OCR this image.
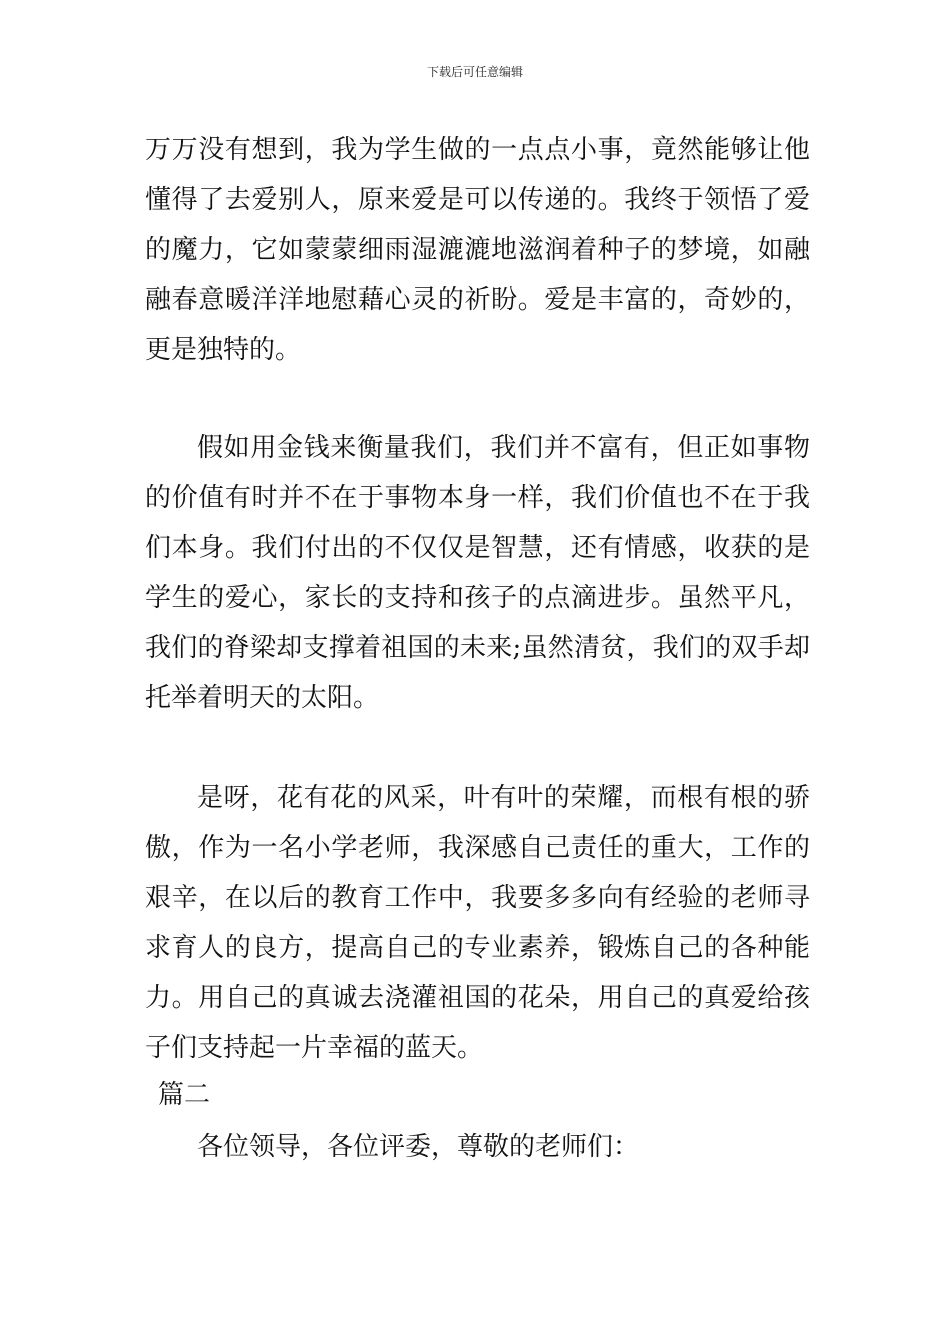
下载后可任意编辑

万万没有想到，我为学生做的一点点小事，竟然能够让他懂得了去爱别人，原来爱是可以传递的。我终于领悟了爱的魔力，它如蒙蒙细雨湿漉漉地滋润着种子的梦境，如融融春意暖洋洋地慰藉心灵的祈盼。爱是丰富的，奇妙的，更是独特的。

假如用金钱来衡量我们，我们并不富有，但正如事物的价值有时并不在于事物本身一样，我们价值也不在于我们本身。我们付出的不仅仅是智慧，还有情感，收获的是学生的爱心，家长的支持和孩子的点滴进步。虽然平凡，我们的脊梁却支撑着祖国的未来;虽然清贫，我们的双手却托举着明天的太阳。

是呀，花有花的风采，叶有叶的荣耀，而根有根的骄傲，作为一名小学老师，我深感自己责任的重大，工作的艰辛，在以后的教育工作中，我要多多向有经验的老师寻求育人的良方，提高自己的专业素养，锻炼自己的各种能力。用自己的真诚去浇灌祖国的花朵，用自己的真爱给孩子们支持起一片幸福的蓝天。

篇二

各位领导，各位评委，尊敬的老师们：
